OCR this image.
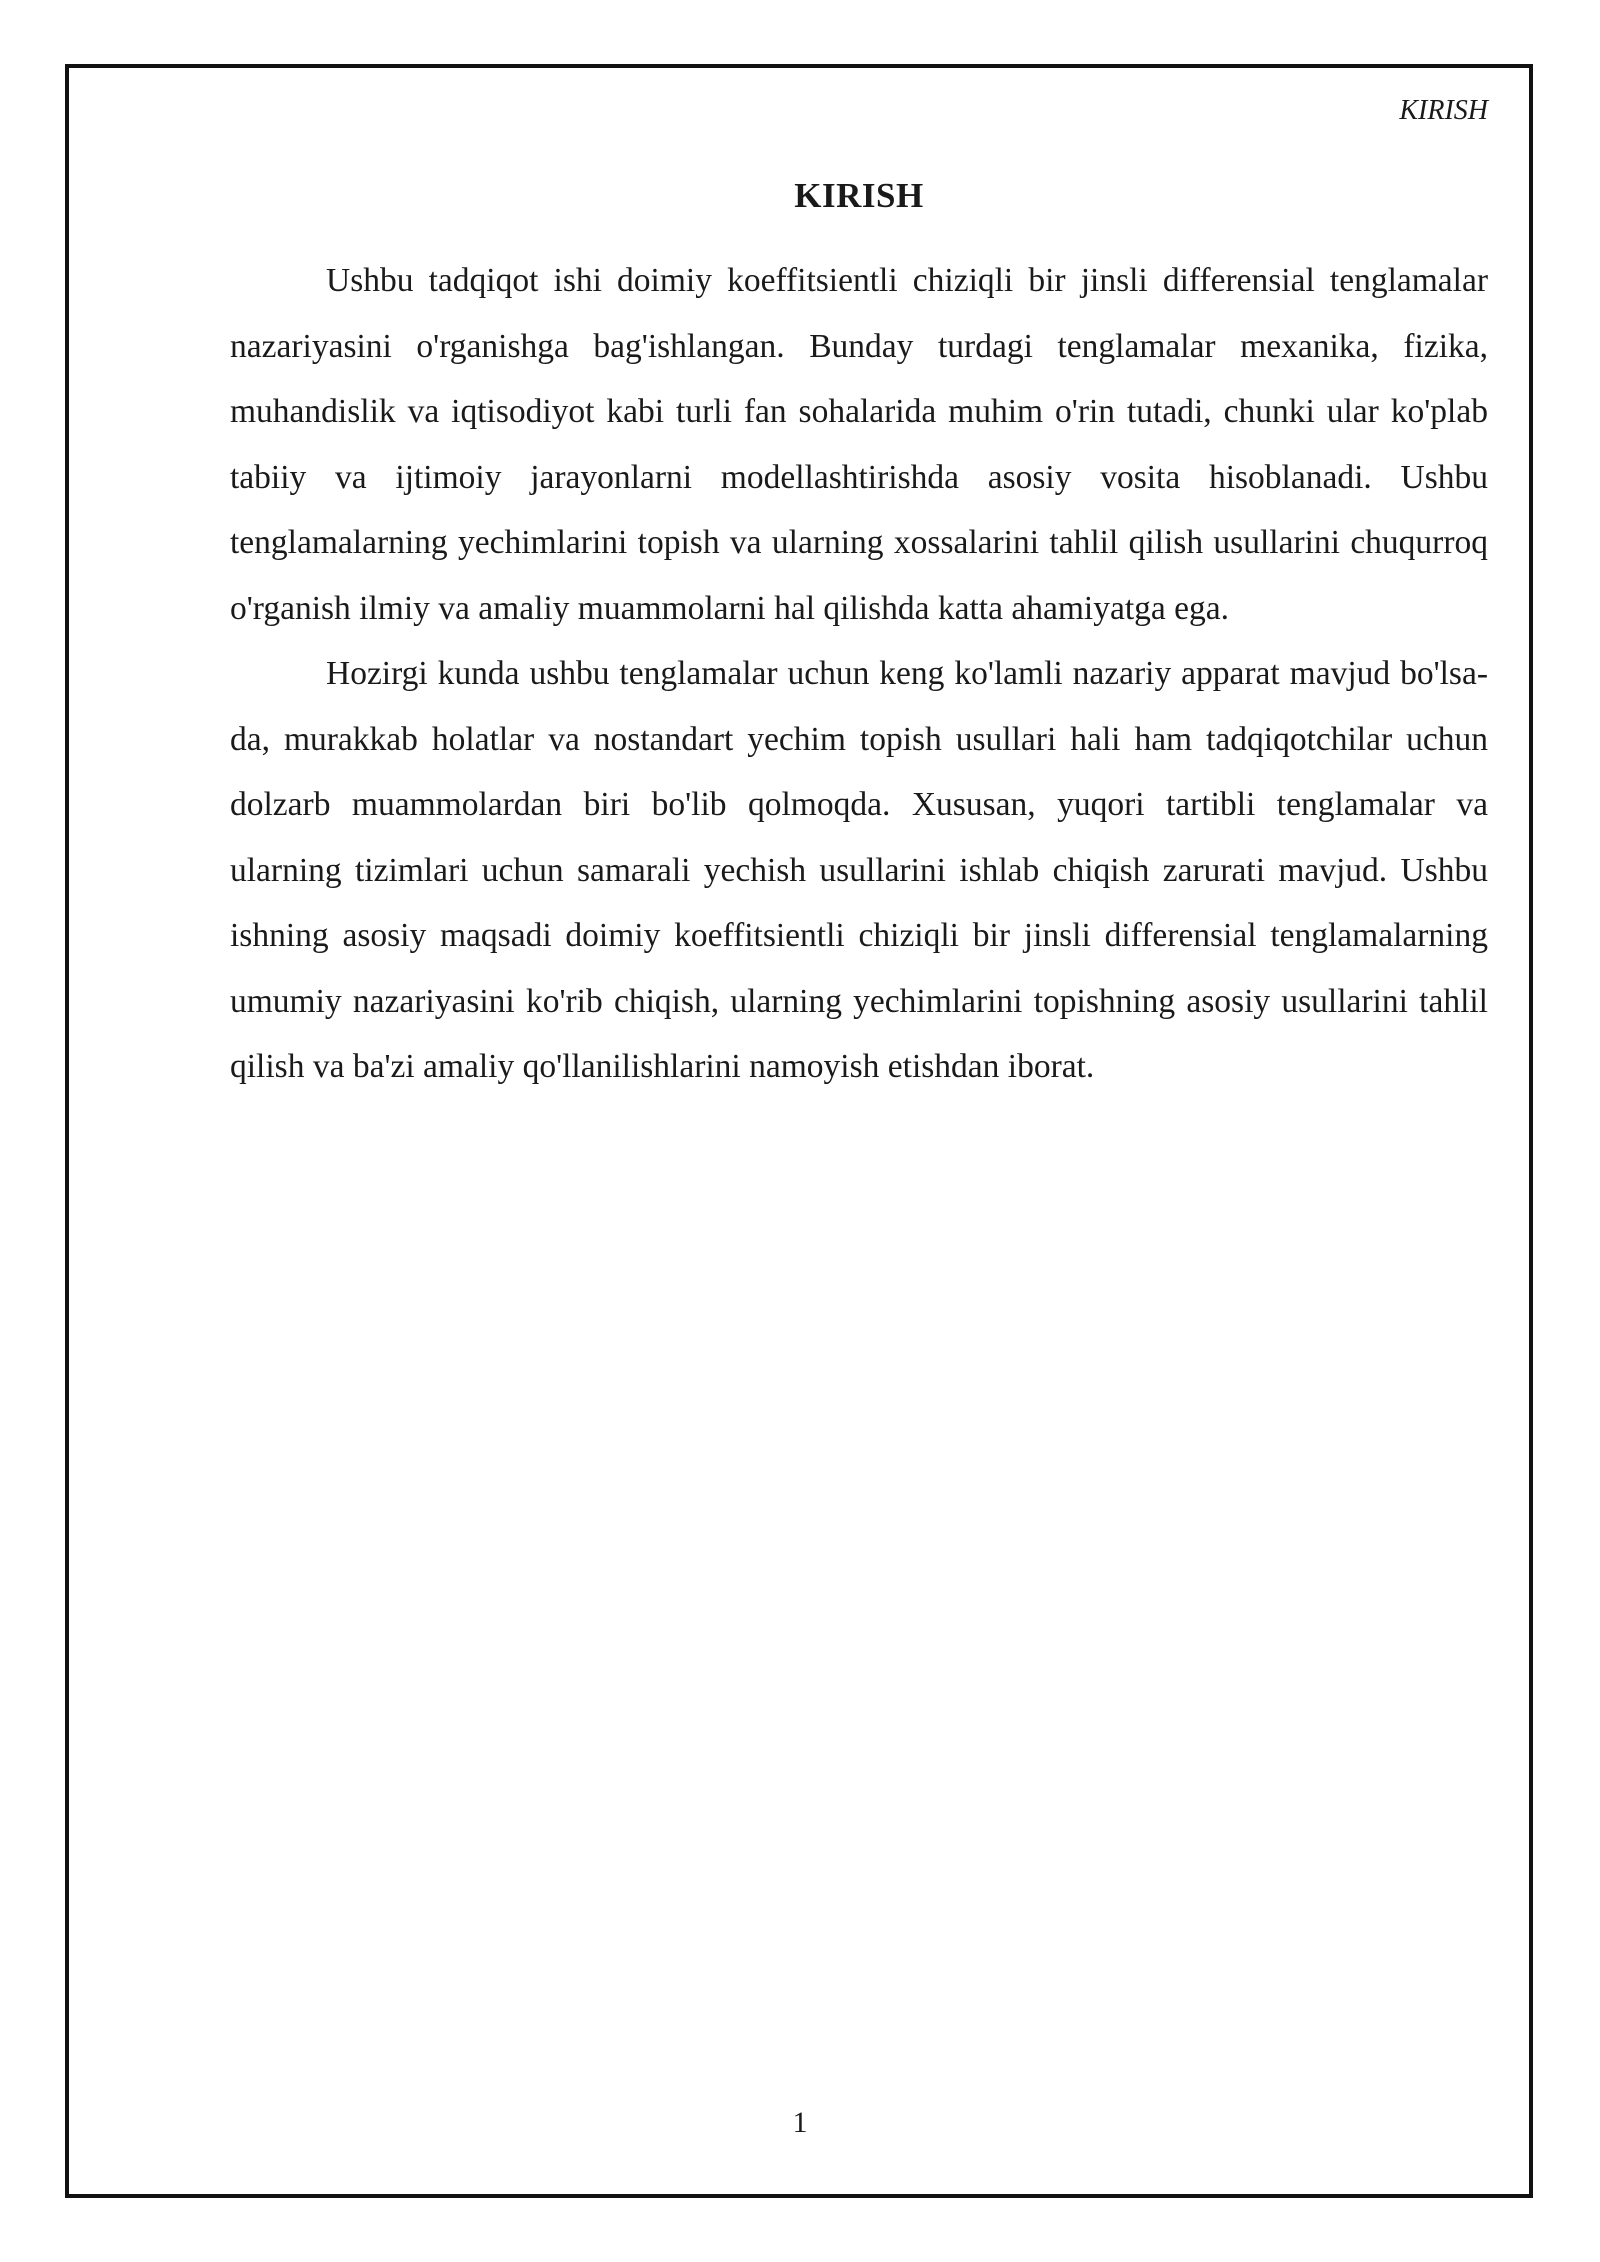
KIRISH
KIRISH

Ushbu tadqiqot ishi doimiy koeffitsientli chiziqli bir jinsli differensial tenglamalar nazariyasini o'rganishga bag'ishlangan. Bunday turdagi tenglamalar mexanika, fizika, muhandislik va iqtisodiyot kabi turli fan sohalarida muhim o'rin tutadi, chunki ular ko'plab tabiiy va ijtimoiy jarayonlarni modellashtirishda asosiy vosita hisoblanadi. Ushbu tenglamalarning yechimlarini topish va ularning xossalarini tahlil qilish usullarini chuqurroq o'rganish ilmiy va amaliy muammolarni hal qilishda katta ahamiyatga ega.

Hozirgi kunda ushbu tenglamalar uchun keng ko'lamli nazariy apparat mavjud bo'lsa-da, murakkab holatlar va nostandart yechim topish usullari hali ham tadqiqotchilar uchun dolzarb muammolardan biri bo'lib qolmoqda. Xususan, yuqori tartibli tenglamalar va ularning tizimlari uchun samarali yechish usullarini ishlab chiqish zarurati mavjud. Ushbu ishning asosiy maqsadi doimiy koeffitsientli chiziqli bir jinsli differensial tenglamalarning umumiy nazariyasini ko'rib chiqish, ularning yechimlarini topishning asosiy usullarini tahlil qilish va ba'zi amaliy qo'llanilishlarini namoyish etishdan iborat.

1
